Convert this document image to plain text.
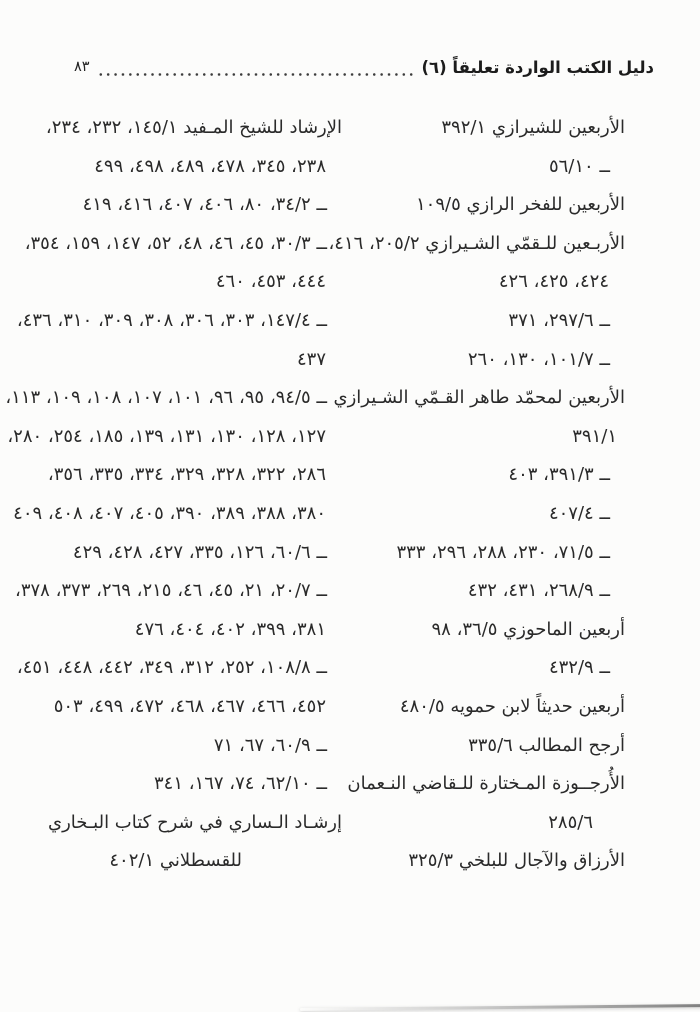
دليل الكتب الواردة تعليقاً (٦)
٨٣
الأربعين للشيرازي ٣٩٢/١
ــ ٥٦/١٠
الأربعين للفخر الرازي ١٠٩/٥
الأربـعين للـقمّي الشـيرازي ٢٠٥/٢، ٤١٦،
٤٢٤، ٤٢٥، ٤٢٦
ــ ٢٩٧/٦، ٣٧١
ــ ١٠١/٧، ١٣٠، ٢٦٠
الأربعين لمحمّد طاهر القـمّي الشـيرازي
٣٩١/١
ــ ٣٩١/٣، ٤٠٣
ــ ٤٠٧/٤
ــ ٧١/٥، ٢٣٠، ٢٨٨، ٢٩٦، ٣٣٣
ــ ٢٦٨/٩، ٤٣١، ٤٣٢
أربعين الماحوزي ٣٦/٥، ٩٨
ــ ٤٣٢/٩
أربعين حديثاً لابن حمويه ٤٨٠/٥
أرجح المطالب ٣٣٥/٦
الأُرجــوزة المـختارة للـقاضي النـعمان
٢٨٥/٦
الأرزاق والآجال للبلخي ٣٢٥/٣
الإرشاد للشيخ المـفيد ١٤٥/١، ٢٣٢، ٢٣٤،
٢٣٨، ٣٤٥، ٤٧٨، ٤٨٩، ٤٩٨، ٤٩٩
ــ ٣٤/٢، ٨٠، ٤٠٦، ٤٠٧، ٤١٦، ٤١٩
ــ ٣٠/٣، ٤٥، ٤٦، ٤٨، ٥٢، ١٤٧، ١٥٩، ٣٥٤،
٤٤٤، ٤٥٣، ٤٦٠
ــ ١٤٧/٤، ٣٠٣، ٣٠٦، ٣٠٨، ٣٠٩، ٣١٠، ٤٣٦،
٤٣٧
ــ ٩٤/٥، ٩٥، ٩٦، ١٠١، ١٠٧، ١٠٨، ١٠٩، ١١٣،
١٢٧، ١٢٨، ١٣٠، ١٣١، ١٣٩، ١٨٥، ٢٥٤، ٢٨٠،
٢٨٦، ٣٢٢، ٣٢٨، ٣٢٩، ٣٣٤، ٣٣٥، ٣٥٦،
٣٨٠، ٣٨٨، ٣٨٩، ٣٩٠، ٤٠٥، ٤٠٧، ٤٠٨، ٤٠٩
ــ ٦٠/٦، ١٢٦، ٣٣٥، ٤٢٧، ٤٢٨، ٤٢٩
ــ ٢٠/٧، ٢١، ٤٥، ٤٦، ٢١٥، ٢٦٩، ٣٧٣، ٣٧٨،
٣٨١، ٣٩٩، ٤٠٢، ٤٠٤، ٤٧٦
ــ ١٠٨/٨، ٢٥٢، ٣١٢، ٣٤٩، ٤٤٢، ٤٤٨، ٤٥١،
٤٥٢، ٤٦٦، ٤٦٧، ٤٦٨، ٤٧٢، ٤٩٩، ٥٠٣
ــ ٦٠/٩، ٦٧، ٧١
ــ ٦٢/١٠، ٧٤، ١٦٧، ٣٤١
إرشـاد الـساري في شرح كتاب البـخاري
للقسطلاني ٤٠٢/١
